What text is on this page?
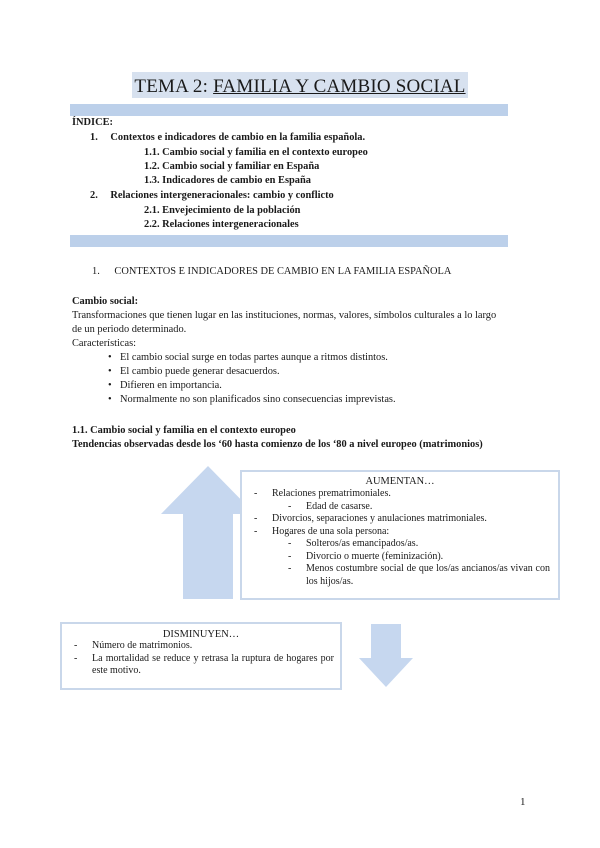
TEMA 2: FAMILIA Y CAMBIO SOCIAL
ÍNDICE:
1. Contextos e indicadores de cambio en la familia española.
1.1. Cambio social y familia en el contexto europeo
1.2. Cambio social y familiar en España
1.3. Indicadores de cambio en España
2. Relaciones intergeneracionales: cambio y conflicto
2.1. Envejecimiento de la población
2.2. Relaciones intergeneracionales
1. CONTEXTOS E INDICADORES DE CAMBIO EN LA FAMILIA ESPAÑOLA
Cambio social:
Transformaciones que tienen lugar en las instituciones, normas, valores, símbolos culturales a lo largo
de un periodo determinado.
Características:
• El cambio social surge en todas partes aunque a ritmos distintos.
• El cambio puede generar desacuerdos.
• Difieren en importancia.
• Normalmente no son planificados sino consecuencias imprevistas.
1.1. Cambio social y familia en el contexto europeo
Tendencias observadas desde los ‘60 hasta comienzo de los ‘80 a nivel europeo (matrimonios)
AUMENTAN…
- Relaciones prematrimoniales.
- Edad de casarse.
- Divorcios, separaciones y anulaciones matrimoniales.
- Hogares de una sola persona:
- Solteros/as emancipados/as.
- Divorcio o muerte (feminización).
- Menos costumbre social de que los/as ancianos/as vivan con los hijos/as.
DISMINUYEN…
- Número de matrimonios.
- La mortalidad se reduce y retrasa la ruptura de hogares por este motivo.
1
